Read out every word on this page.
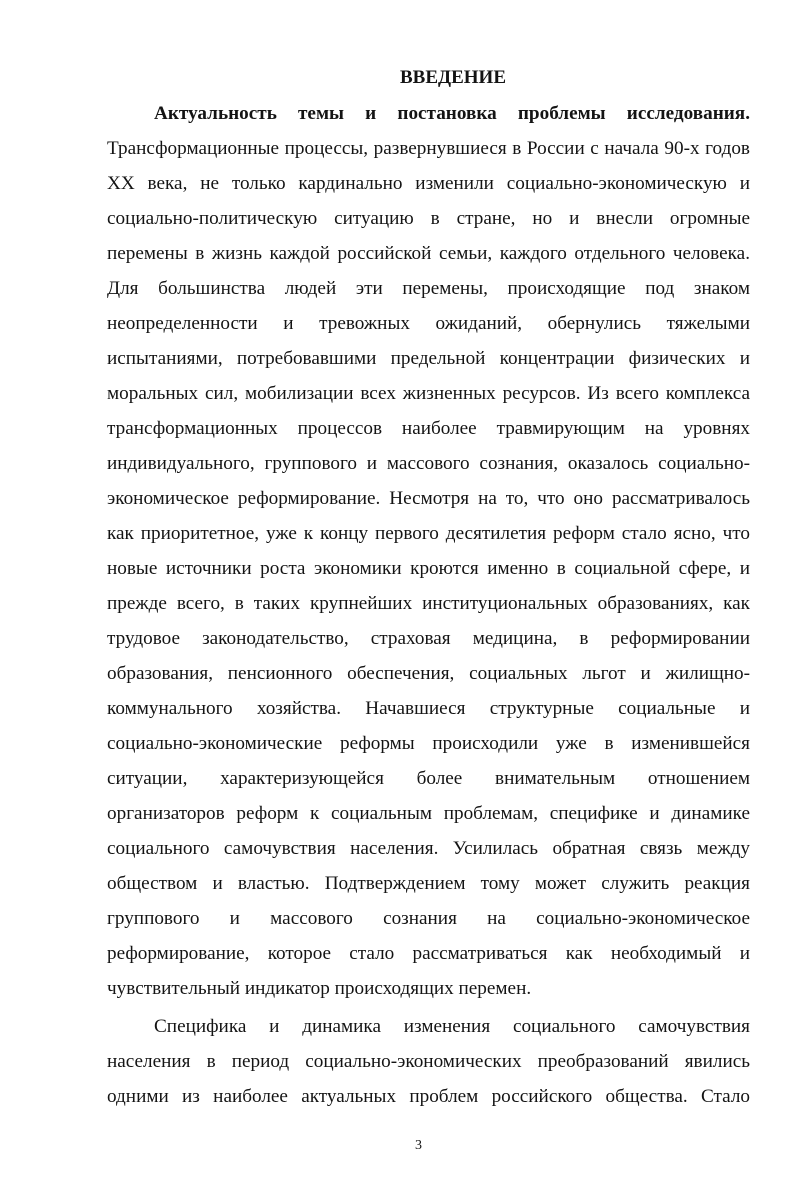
ВВЕДЕНИЕ
Актуальность темы и постановка проблемы исследования.
Трансформационные процессы, развернувшиеся в России с начала 90-х годов
XX века, не только кардинально изменили социально-экономическую и
социально-политическую ситуацию в стране, но и внесли огромные
перемены в жизнь каждой российской семьи, каждого отдельного человека.
Для большинства людей эти перемены, происходящие под знаком
неопределенности и тревожных ожиданий, обернулись тяжелыми
испытаниями, потребовавшими предельной концентрации физических и
моральных сил, мобилизации всех жизненных ресурсов. Из всего комплекса
трансформационных процессов наиболее травмирующим на уровнях
индивидуального, группового и массового сознания, оказалось социально-
экономическое реформирование. Несмотря на то, что оно рассматривалось
как приоритетное, уже к концу первого десятилетия реформ стало ясно, что
новые источники роста экономики кроются именно в социальной сфере, и
прежде всего, в таких крупнейших институциональных образованиях, как
трудовое законодательство, страховая медицина, в реформировании
образования, пенсионного обеспечения, социальных льгот и жилищно-
коммунального хозяйства. Начавшиеся структурные социальные и
социально-экономические реформы происходили уже в изменившейся
ситуации, характеризующейся более внимательным отношением
организаторов реформ к социальным проблемам, специфике и динамике
социального самочувствия населения. Усилилась обратная связь между
обществом и властью. Подтверждением тому может служить реакция
группового и массового сознания на социально-экономическое
реформирование, которое стало рассматриваться как необходимый и
чувствительный индикатор происходящих перемен.
Специфика и динамика изменения социального самочувствия
населения в период социально-экономических преобразований явились
одними из наиболее актуальных проблем российского общества. Стало
3
